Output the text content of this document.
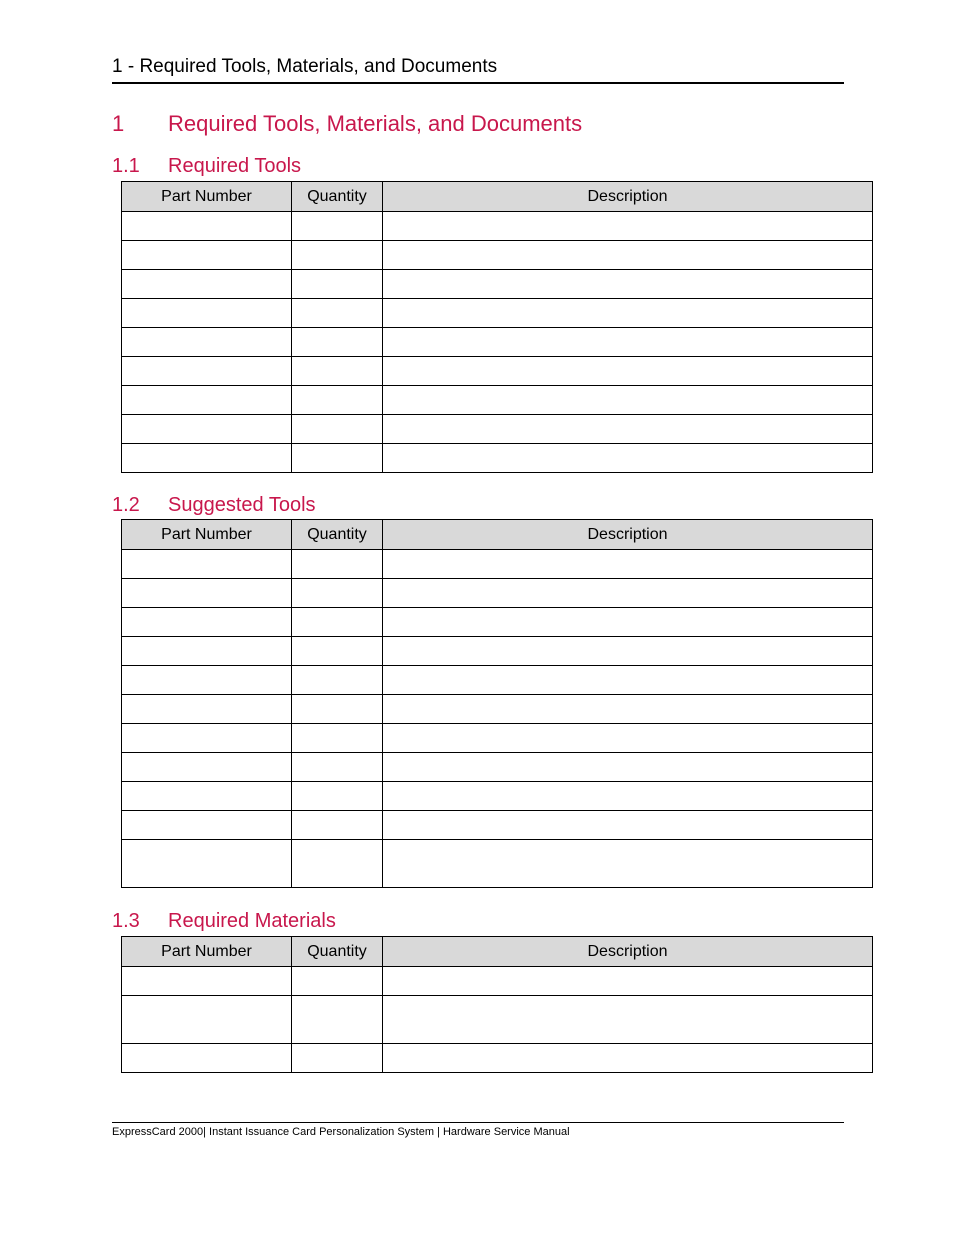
1 - Required Tools, Materials, and Documents
1 Required Tools, Materials, and Documents
1.1 Required Tools
Part Number	Quantity	Description

1.2 Suggested Tools
Part Number	Quantity	Description

1.3 Required Materials
Part Number	Quantity	Description

ExpressCard 2000| Instant Issuance Card Personalization System | Hardware Service Manual
